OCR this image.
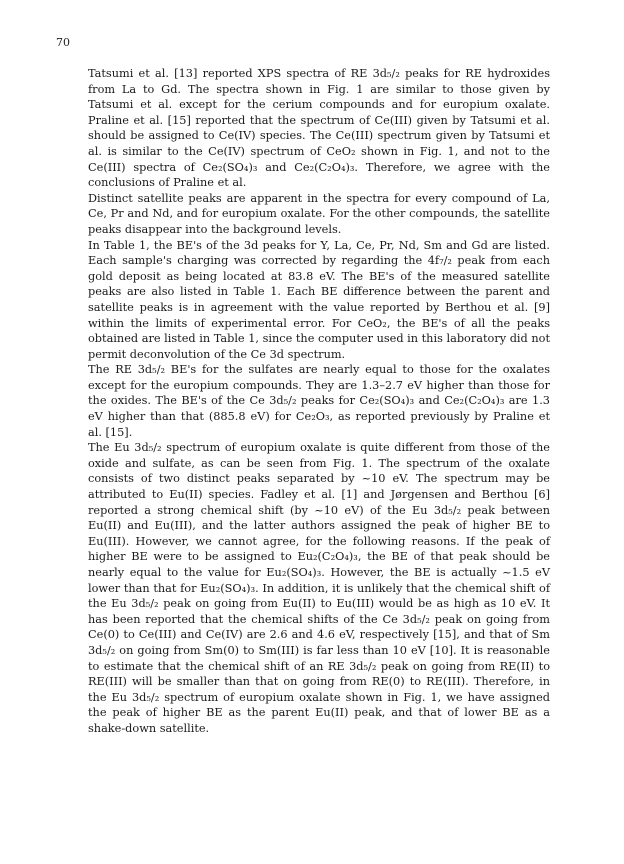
70

Tatsumi et al. [13] reported XPS spectra of RE 3d₅/₂ peaks for RE hydroxides from La to Gd. The spectra shown in Fig. 1 are similar to those given by Tatsumi et al. except for the cerium compounds and for europium oxalate. Praline et al. [15] reported that the spectrum of Ce(III) given by Tatsumi et al. should be assigned to Ce(IV) species. The Ce(III) spectrum given by Tatsumi et al. is similar to the Ce(IV) spectrum of CeO₂ shown in Fig. 1, and not to the Ce(III) spectra of Ce₂(SO₄)₃ and Ce₂(C₂O₄)₃. Therefore, we agree with the conclusions of Praline et al.

Distinct satellite peaks are apparent in the spectra for every compound of La, Ce, Pr and Nd, and for europium oxalate. For the other compounds, the satellite peaks disappear into the background levels.

In Table 1, the BE's of the 3d peaks for Y, La, Ce, Pr, Nd, Sm and Gd are listed. Each sample's charging was corrected by regarding the 4f₇/₂ peak from each gold deposit as being located at 83.8 eV. The BE's of the measured satellite peaks are also listed in Table 1. Each BE difference between the parent and satellite peaks is in agreement with the value reported by Berthou et al. [9] within the limits of experimental error. For CeO₂, the BE's of all the peaks obtained are listed in Table 1, since the computer used in this laboratory did not permit deconvolution of the Ce 3d spectrum.

The RE 3d₅/₂ BE's for the sulfates are nearly equal to those for the oxalates except for the europium compounds. They are 1.3–2.7 eV higher than those for the oxides. The BE's of the Ce 3d₅/₂ peaks for Ce₂(SO₄)₃ and Ce₂(C₂O₄)₃ are 1.3 eV higher than that (885.8 eV) for Ce₂O₃, as reported previously by Praline et al. [15].

The Eu 3d₅/₂ spectrum of europium oxalate is quite different from those of the oxide and sulfate, as can be seen from Fig. 1. The spectrum of the oxalate consists of two distinct peaks separated by ~10 eV. The spectrum may be attributed to Eu(II) species. Fadley et al. [1] and Jørgensen and Berthou [6] reported a strong chemical shift (by ~10 eV) of the Eu 3d₅/₂ peak between Eu(II) and Eu(III), and the latter authors assigned the peak of higher BE to Eu(III). However, we cannot agree, for the following reasons. If the peak of higher BE were to be assigned to Eu₂(C₂O₄)₃, the BE of that peak should be nearly equal to the value for Eu₂(SO₄)₃. However, the BE is actually ~1.5 eV lower than that for Eu₂(SO₄)₃. In addition, it is unlikely that the chemical shift of the Eu 3d₅/₂ peak on going from Eu(II) to Eu(III) would be as high as 10 eV. It has been reported that the chemical shifts of the Ce 3d₅/₂ peak on going from Ce(0) to Ce(III) and Ce(IV) are 2.6 and 4.6 eV, respectively [15], and that of Sm 3d₅/₂ on going from Sm(0) to Sm(III) is far less than 10 eV [10]. It is reasonable to estimate that the chemical shift of an RE 3d₅/₂ peak on going from RE(II) to RE(III) will be smaller than that on going from RE(0) to RE(III). Therefore, in the Eu 3d₅/₂ spectrum of europium oxalate shown in Fig. 1, we have assigned the peak of higher BE as the parent Eu(II) peak, and that of lower BE as a shake-down satellite.
